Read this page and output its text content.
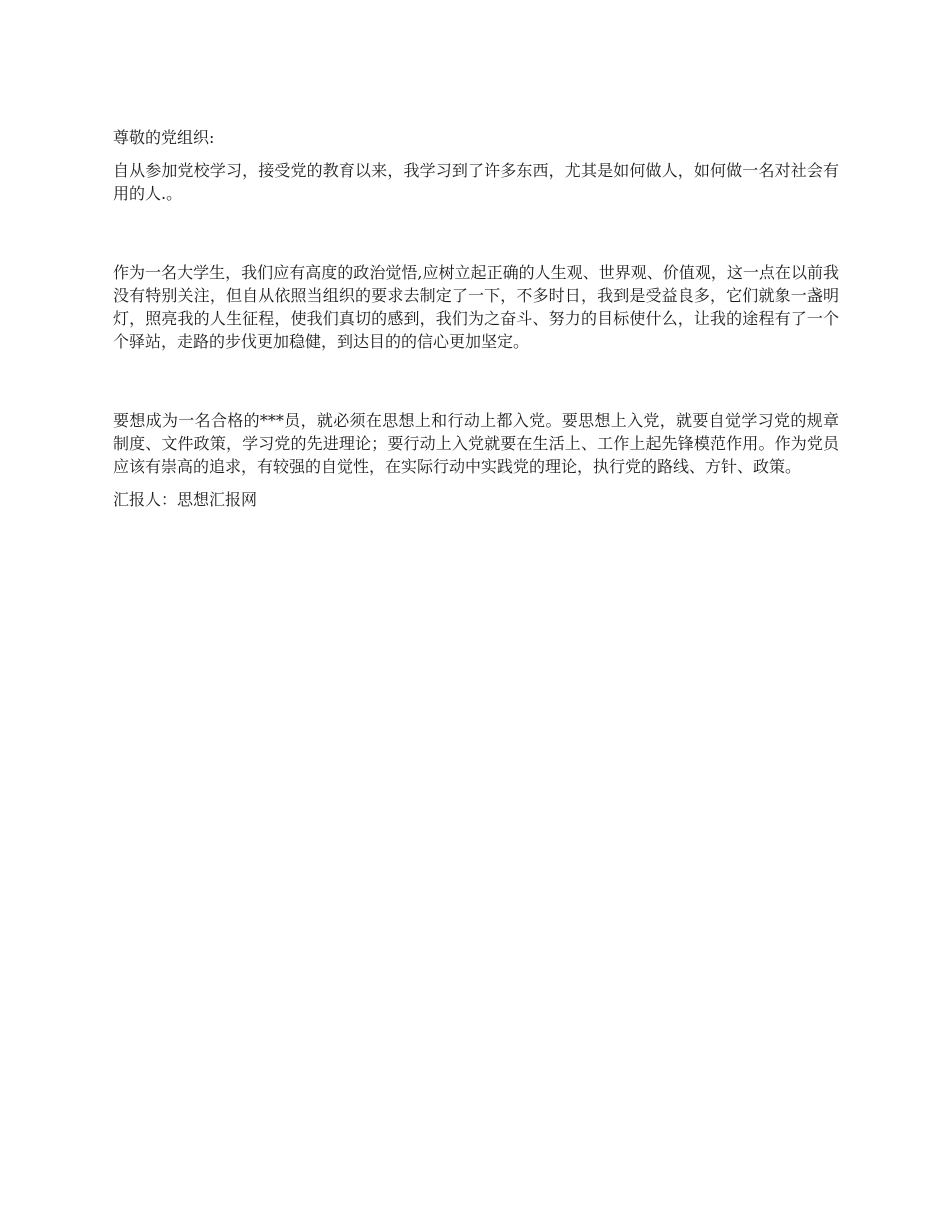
尊敬的党组织:

自从参加党校学习，接受党的教育以来，我学习到了许多东西，尤其是如何做人，如何做一名对社会有用的人.。

作为一名大学生，我们应有高度的政治觉悟,应树立起正确的人生观、世界观、价值观，这一点在以前我没有特别关注，但自从依照当组织的要求去制定了一下，不多时日，我到是受益良多，它们就象一盏明灯，照亮我的人生征程，使我们真切的感到，我们为之奋斗、努力的目标使什么，让我的途程有了一个个驿站，走路的步伐更加稳健，到达目的的信心更加坚定。

要想成为一名合格的***员，就必须在思想上和行动上都入党。要思想上入党，就要自觉学习党的规章制度、文件政策，学习党的先进理论；要行动上入党就要在生活上、工作上起先锋模范作用。作为党员应该有崇高的追求，有较强的自觉性，在实际行动中实践党的理论，执行党的路线、方针、政策。

汇报人：思想汇报网
